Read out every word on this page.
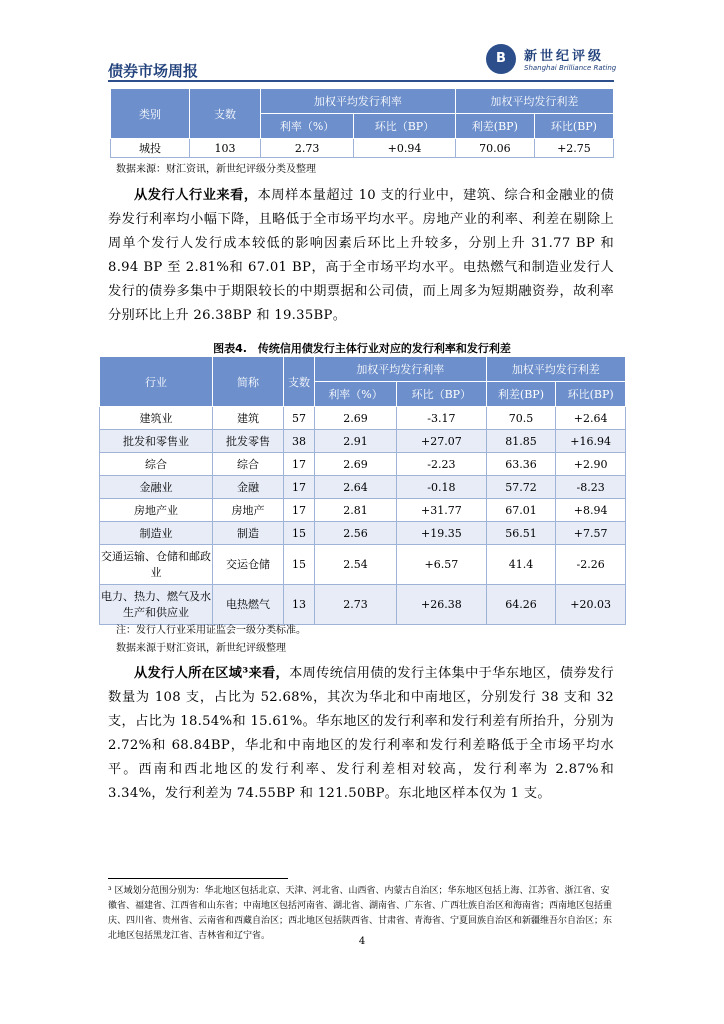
债券市场周报
B	新世纪评级
Shanghai Brilliance Rating
类别	支数	加权平均发行利率		加权平均发行利差	
		利率（%）	环比（BP）	利差(BP)	环比(BP)
城投	103	2.73	+0.94	70.06	+2.75
数据来源：财汇资讯，新世纪评级分类及整理
从发行人行业来看，本周样本量超过 10 支的行业中，建筑、综合和金融业的债券发行利率均小幅下降，且略低于全市场平均水平。房地产业的利率、利差在剔除上周单个发行人发行成本较低的影响因素后环比上升较多，分别上升 31.77 BP 和 8.94 BP 至 2.81%和 67.01 BP，高于全市场平均水平。电热燃气和制造业发行人发行的债券多集中于期限较长的中期票据和公司债，而上周多为短期融资券，故利率分别环比上升 26.38BP 和 19.35BP。
图表4.　传统信用债发行主体行业对应的发行利率和发行利差
行业	简称	支数	加权平均发行利率		加权平均发行利差	
			利率（%）	环比（BP）	利差(BP)	环比(BP)
建筑业	建筑	57	2.69	-3.17	70.5	+2.64
批发和零售业	批发零售	38	2.91	+27.07	81.85	+16.94
综合	综合	17	2.69	-2.23	63.36	+2.90
金融业	金融	17	2.64	-0.18	57.72	-8.23
房地产业	房地产	17	2.81	+31.77	67.01	+8.94
制造业	制造	15	2.56	+19.35	56.51	+7.57
交通运输、仓储和邮政业	交运仓储	15	2.54	+6.57	41.4	-2.26
电力、热力、燃气及水生产和供应业	电热燃气	13	2.73	+26.38	64.26	+20.03
注：发行人行业采用证监会一级分类标准。
数据来源于财汇资讯，新世纪评级整理
从发行人所在区域³来看，本周传统信用债的发行主体集中于华东地区，债券发行数量为 108 支，占比为 52.68%，其次为华北和中南地区，分别发行 38 支和 32 支，占比为 18.54%和 15.61%。华东地区的发行利率和发行利差有所抬升，分别为 2.72%和 68.84BP，华北和中南地区的发行利率和发行利差略低于全市场平均水平。西南和西北地区的发行利率、发行利差相对较高，发行利率为 2.87%和 3.34%，发行利差为 74.55BP 和 121.50BP。东北地区样本仅为 1 支。
³ 区域划分范围分别为：华北地区包括北京、天津、河北省、山西省、内蒙古自治区；华东地区包括上海、江苏省、浙江省、安徽省、福建省、江西省和山东省；中南地区包括河南省、湖北省、湖南省、广东省、广西壮族自治区和海南省；西南地区包括重庆、四川省、贵州省、云南省和西藏自治区；西北地区包括陕西省、甘肃省、青海省、宁夏回族自治区和新疆维吾尔自治区；东北地区包括黑龙江省、吉林省和辽宁省。	4
